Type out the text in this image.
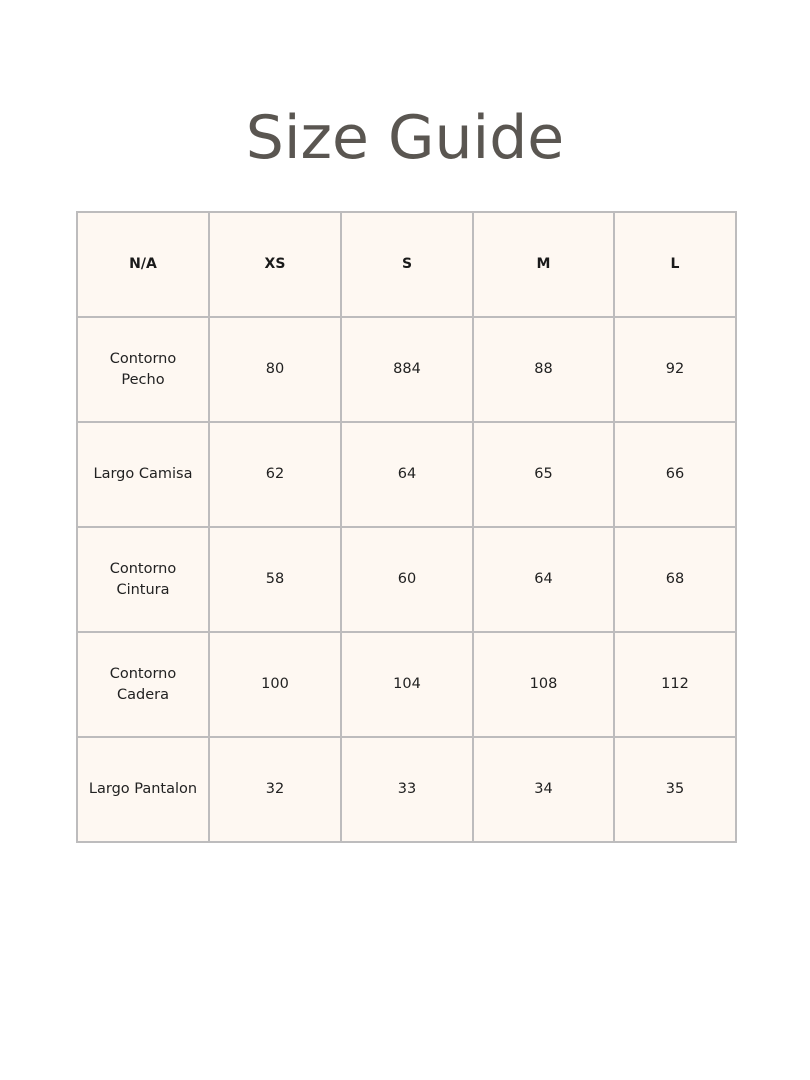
Size Guide
N/A	XS	S	M	L
Contorno Pecho	80	884	88	92
Largo Camisa	62	64	65	66
Contorno Cintura	58	60	64	68
Contorno Cadera	100	104	108	112
Largo Pantalon	32	33	34	35
